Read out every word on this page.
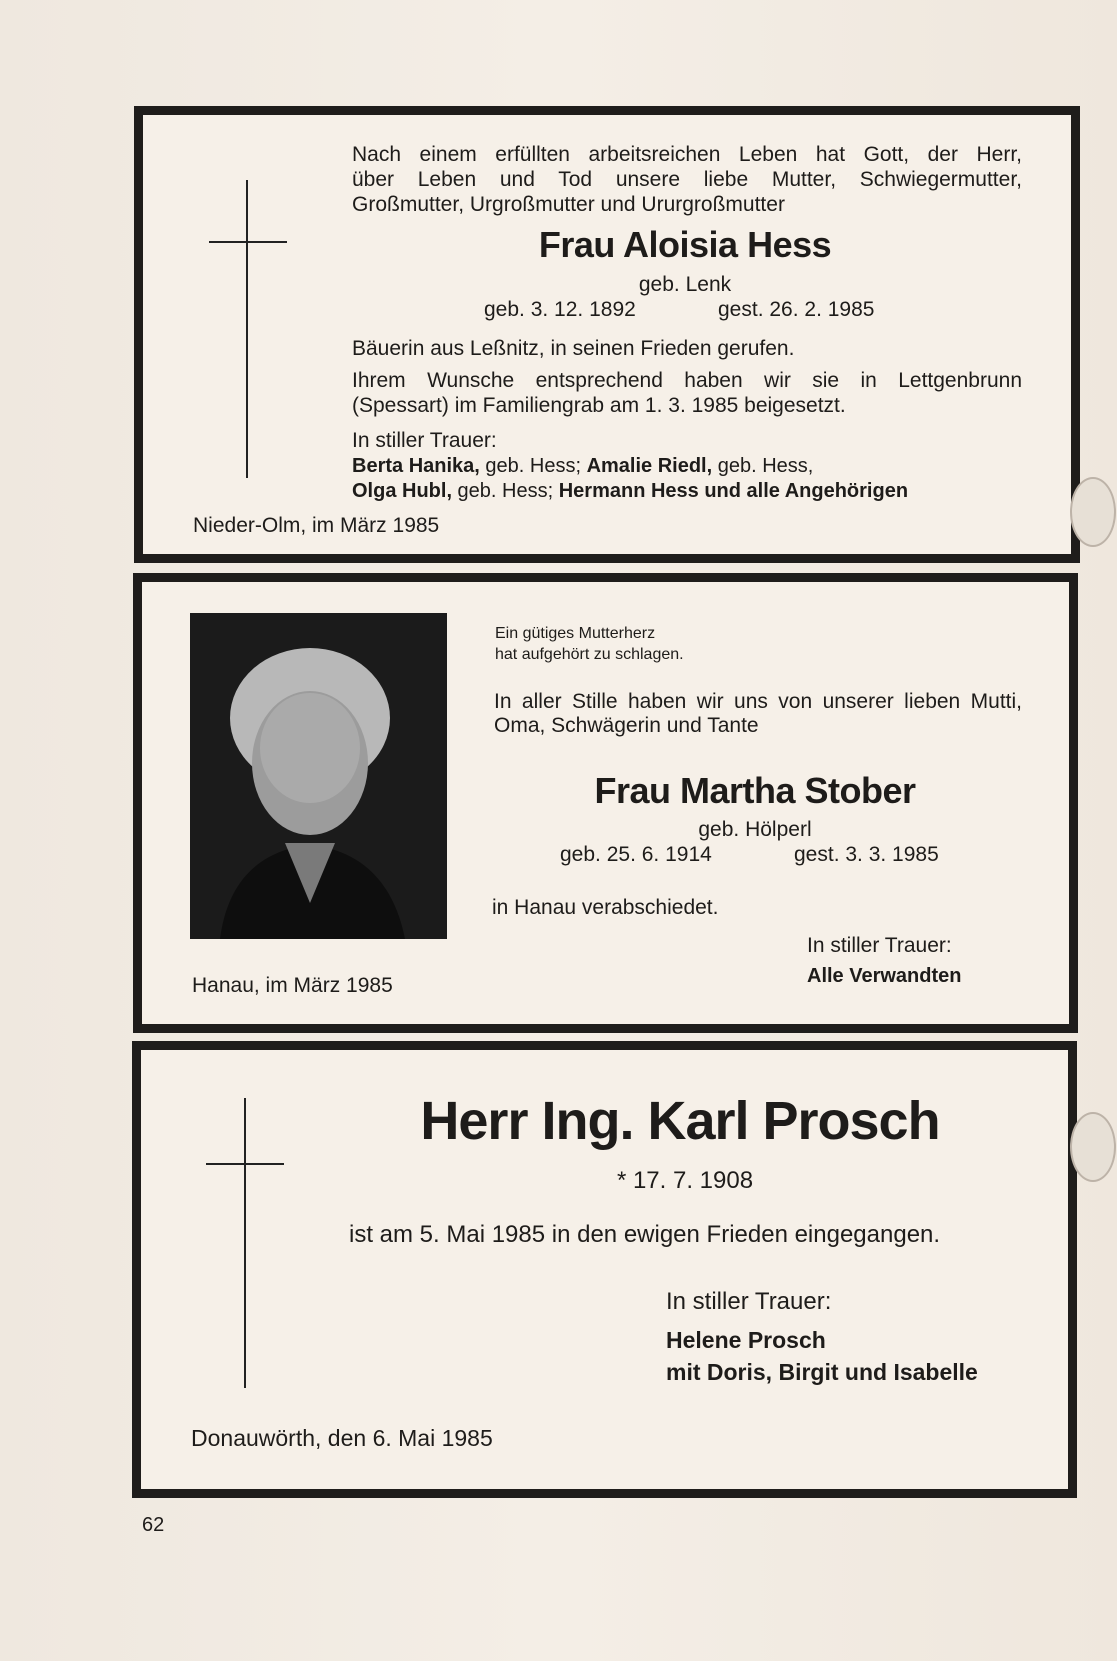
Nach einem erfüllten arbeitsreichen Leben hat Gott, der Herr,
über Leben und Tod unsere liebe Mutter, Schwiegermutter,
Großmutter, Urgroßmutter und Ururgroßmutter
Frau Aloisia Hess
geb. Lenk
geb. 3. 12. 1892	gest. 26. 2. 1985
Bäuerin aus Leßnitz, in seinen Frieden gerufen.
Ihrem Wunsche entsprechend haben wir sie in Lettgenbrunn
(Spessart) im Familiengrab am 1. 3. 1985 beigesetzt.
In stiller Trauer:
Berta Hanika, geb. Hess; Amalie Riedl, geb. Hess,
Olga Hubl, geb. Hess; Hermann Hess und alle Angehörigen
Nieder-Olm, im März 1985
Ein gütiges Mutterherz
hat aufgehört zu schlagen.
In aller Stille haben wir uns von unserer lieben Mutti,
Oma, Schwägerin und Tante
Frau Martha Stober
geb. Hölperl
geb. 25. 6. 1914	gest. 3. 3. 1985
in Hanau verabschiedet.
In stiller Trauer:
Alle Verwandten
Hanau, im März 1985
Herr Ing. Karl Prosch
* 17. 7. 1908
ist am 5. Mai 1985 in den ewigen Frieden eingegangen.
In stiller Trauer:
Helene Prosch
mit Doris, Birgit und Isabelle
Donauwörth, den 6. Mai 1985
62
